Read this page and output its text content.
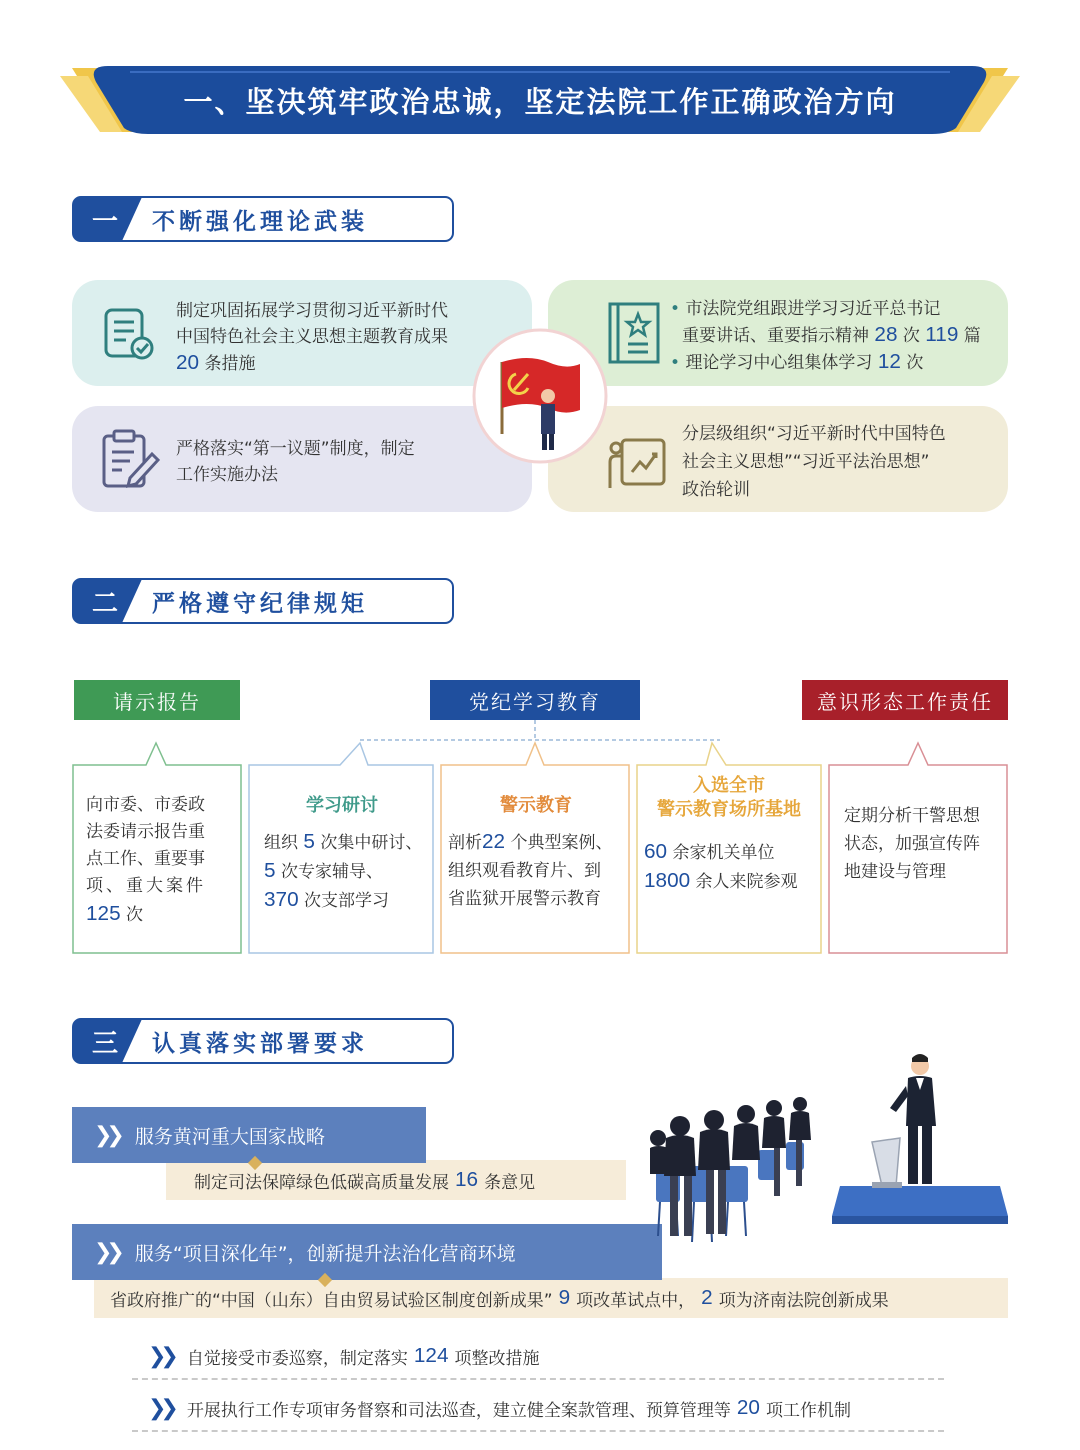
一、坚决筑牢政治忠诚，坚定法院工作正确政治方向
一	不断强化理论武装
制定巩固拓展学习贯彻习近平新时代
中国特色社会主义思想主题教育成果
20 条措施
• 市法院党组跟进学习习近平总书记
重要讲话、重要指示精神 28 次 119 篇
• 理论学习中心组集体学习 12 次
严格落实“第一议题”制度，制定
工作实施办法
分层级组织“习近平新时代中国特色
社会主义思想”“习近平法治思想”
政治轮训
二	严格遵守纪律规矩
请示报告	党纪学习教育	意识形态工作责任
向市委、市委政
法委请示报告重
点工作、重要事
项、重大案件
125 次
学习研讨
组织 5 次集中研讨、
5 次专家辅导、
370 次支部学习
警示教育
剖析22 个典型案例、
组织观看教育片、到
省监狱开展警示教育
入选全市
警示教育场所基地
60 余家机关单位
1800 余人来院参观
定期分析干警思想
状态，加强宣传阵
地建设与管理
三	认真落实部署要求
制定司法保障绿色低碳高质量发展 16 条意见
❯❯ 服务黄河重大国家战略
省政府推广的“中国（山东）自由贸易试验区制度创新成果” 9 项改革试点中， 2 项为济南法院创新成果
❯❯ 服务“项目深化年”，创新提升法治化营商环境
❯❯ 自觉接受市委巡察，制定落实 124 项整改措施
❯❯ 开展执行工作专项审务督察和司法巡查，建立健全案款管理、预算管理等 20 项工作机制
